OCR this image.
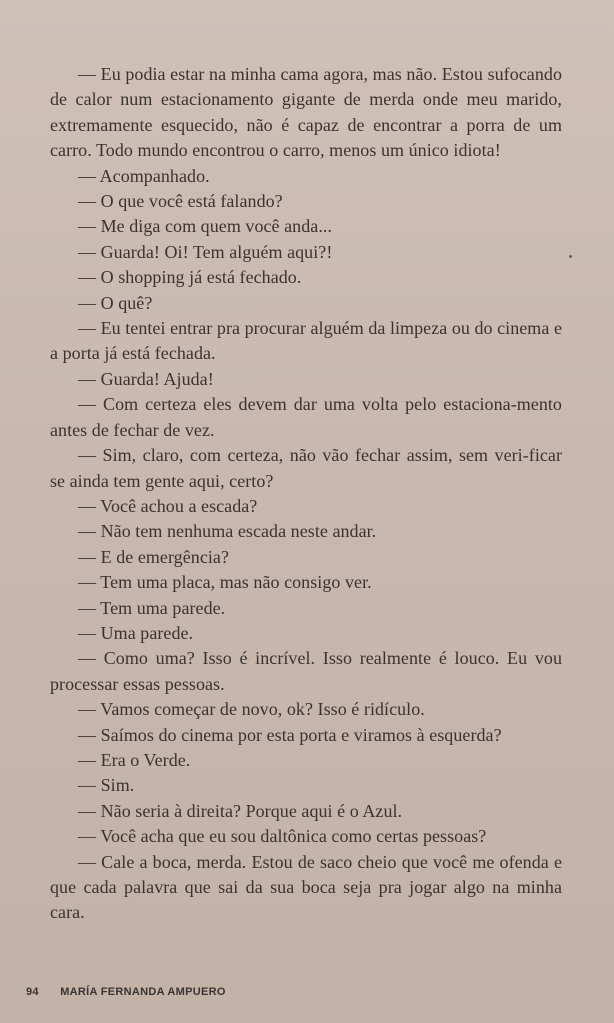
— Eu podia estar na minha cama agora, mas não. Estou sufocando de calor num estacionamento gigante de merda onde meu marido, extremamente esquecido, não é capaz de encontrar a porra de um carro. Todo mundo encontrou o carro, menos um único idiota!

— Acompanhado.

— O que você está falando?

— Me diga com quem você anda...

— Guarda! Oi! Tem alguém aqui?!

— O shopping já está fechado.

— O quê?

— Eu tentei entrar pra procurar alguém da limpeza ou do cinema e a porta já está fechada.

— Guarda! Ajuda!

— Com certeza eles devem dar uma volta pelo estaciona-mento antes de fechar de vez.

— Sim, claro, com certeza, não vão fechar assim, sem veri-ficar se ainda tem gente aqui, certo?

— Você achou a escada?

— Não tem nenhuma escada neste andar.

— E de emergência?

— Tem uma placa, mas não consigo ver.

— Tem uma parede.

— Uma parede.

— Como uma? Isso é incrível. Isso realmente é louco. Eu vou processar essas pessoas.

— Vamos começar de novo, ok? Isso é ridículo.

— Saímos do cinema por esta porta e viramos à esquerda?

— Era o Verde.

— Sim.

— Não seria à direita? Porque aqui é o Azul.

— Você acha que eu sou daltônica como certas pessoas?

— Cale a boca, merda. Estou de saco cheio que você me ofenda e que cada palavra que sai da sua boca seja pra jogar algo na minha cara.

94 MARÍA FERNANDA AMPUERO
